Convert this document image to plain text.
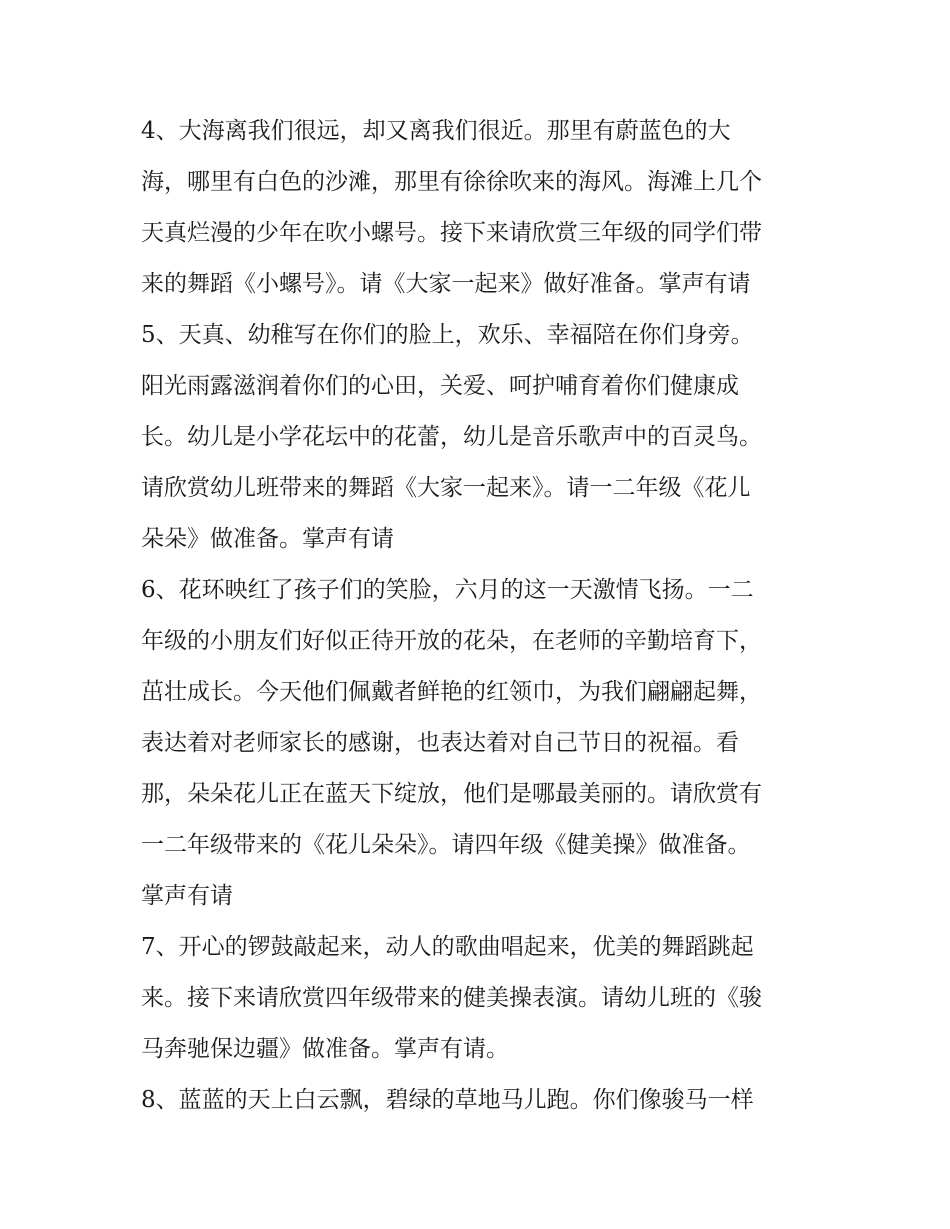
4、大海离我们很远，却又离我们很近。那里有蔚蓝色的大
海，哪里有白色的沙滩，那里有徐徐吹来的海风。海滩上几个
天真烂漫的少年在吹小螺号。接下来请欣赏三年级的同学们带
来的舞蹈《小螺号》。请《大家一起来》做好准备。掌声有请
5、天真、幼稚写在你们的脸上，欢乐、幸福陪在你们身旁。
阳光雨露滋润着你们的心田，关爱、呵护哺育着你们健康成
长。幼儿是小学花坛中的花蕾，幼儿是音乐歌声中的百灵鸟。
请欣赏幼儿班带来的舞蹈《大家一起来》。请一二年级《花儿
朵朵》做准备。掌声有请
6、花环映红了孩子们的笑脸，六月的这一天激情飞扬。一二
年级的小朋友们好似正待开放的花朵，在老师的辛勤培育下，
茁壮成长。今天他们佩戴者鲜艳的红领巾，为我们翩翩起舞，
表达着对老师家长的感谢，也表达着对自己节日的祝福。看
那，朵朵花儿正在蓝天下绽放，他们是哪最美丽的。请欣赏有
一二年级带来的《花儿朵朵》。请四年级《健美操》做准备。
掌声有请
7、开心的锣鼓敲起来，动人的歌曲唱起来，优美的舞蹈跳起
来。接下来请欣赏四年级带来的健美操表演。请幼儿班的《骏
马奔驰保边疆》做准备。掌声有请。
8、蓝蓝的天上白云飘，碧绿的草地马儿跑。你们像骏马一样
